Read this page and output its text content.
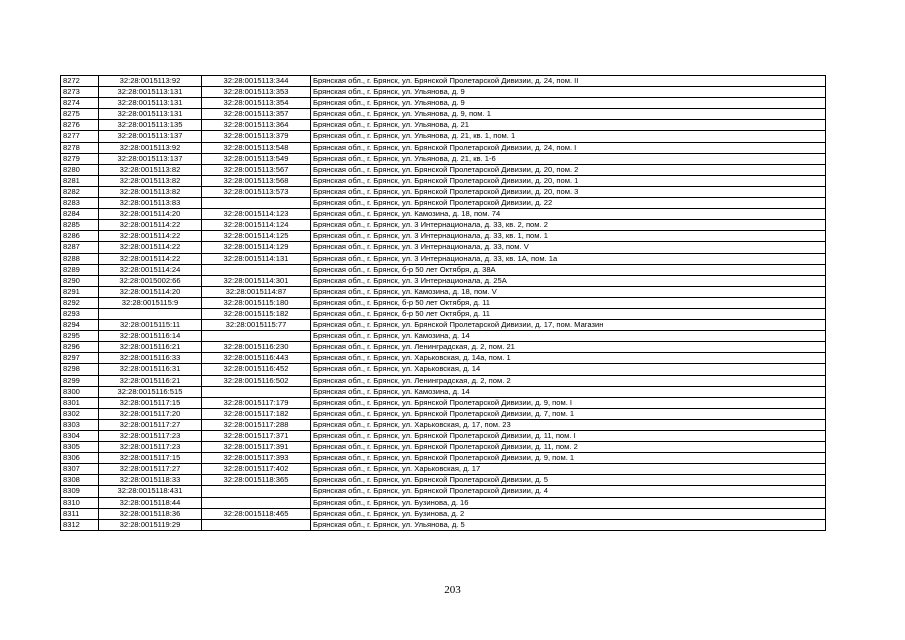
8272	32:28:0015113:92	32:28:0015113:344	Брянская обл., г. Брянск, ул. Брянской Пролетарской Дивизии, д. 24, пом. II
8273	32:28:0015113:131	32:28:0015113:353	Брянская обл., г. Брянск, ул. Ульянова, д. 9
8274	32:28:0015113:131	32:28:0015113:354	Брянская обл., г. Брянск, ул. Ульянова, д. 9
8275	32:28:0015113:131	32:28:0015113:357	Брянская обл., г. Брянск, ул. Ульянова, д. 9, пом. 1
8276	32:28:0015113:135	32:28:0015113:364	Брянская обл., г. Брянск, ул. Ульянова, д. 21
8277	32:28:0015113:137	32:28:0015113:379	Брянская обл., г. Брянск, ул. Ульянова, д. 21, кв. 1, пом. 1
8278	32:28:0015113:92	32:28:0015113:548	Брянская обл., г. Брянск, ул. Брянской Пролетарской Дивизии, д. 24, пом. I
8279	32:28:0015113:137	32:28:0015113:549	Брянская обл., г. Брянск, ул. Ульянова, д. 21, кв. 1-6
8280	32:28:0015113:82	32:28:0015113:567	Брянская обл., г. Брянск, ул. Брянской Пролетарской Дивизии, д. 20, пом. 2
8281	32:28:0015113:82	32:28:0015113:568	Брянская обл., г. Брянск, ул. Брянской Пролетарской Дивизии, д. 20, пом. 1
8282	32:28:0015113:82	32:28:0015113:573	Брянская обл., г. Брянск, ул. Брянской Пролетарской Дивизии, д. 20, пом. 3
8283	32:28:0015113:83		Брянская обл., г. Брянск, ул. Брянской Пролетарской Дивизии, д. 22
8284	32:28:0015114:20	32:28:0015114:123	Брянская обл., г. Брянск, ул. Камозина, д. 18, пом. 74
8285	32:28:0015114:22	32:28:0015114:124	Брянская обл., г. Брянск, ул. 3 Интернационала, д. 33, кв. 2, пом. 2
8286	32:28:0015114:22	32:28:0015114:125	Брянская обл., г. Брянск, ул. 3 Интернационала, д. 33, кв. 1, пом. 1
8287	32:28:0015114:22	32:28:0015114:129	Брянская обл., г. Брянск, ул. 3 Интернационала, д. 33, пом. V
8288	32:28:0015114:22	32:28:0015114:131	Брянская обл., г. Брянск, ул. 3 Интернационала, д. 33, кв. 1А, пом. 1а
8289	32:28:0015114:24		Брянская обл., г. Брянск, б-р 50 лет Октября, д. 38А
8290	32:28:0015002:66	32:28:0015114:301	Брянская обл., г. Брянск, ул. 3 Интернационала, д. 25А
8291	32:28:0015114:20	32:28:0015114:87	Брянская обл., г. Брянск, ул. Камозина, д. 18, пом. V
8292	32:28:0015115:9	32:28:0015115:180	Брянская обл., г. Брянск, б-р 50 лет Октября, д. 11
8293		32:28:0015115:182	Брянская обл., г. Брянск, б-р 50 лет Октября, д. 11
8294	32:28:0015115:11	32:28:0015115:77	Брянская обл., г. Брянск, ул. Брянской Пролетарской Дивизии, д. 17, пом. Магазин
8295	32:28:0015116:14		Брянская обл., г. Брянск, ул. Камозина, д. 14
8296	32:28:0015116:21	32:28:0015116:230	Брянская обл., г. Брянск, ул. Ленинградская, д. 2, пом. 21
8297	32:28:0015116:33	32:28:0015116:443	Брянская обл., г. Брянск, ул. Харьковская, д. 14а, пом. 1
8298	32:28:0015116:31	32:28:0015116:452	Брянская обл., г. Брянск, ул. Харьковская, д. 14
8299	32:28:0015116:21	32:28:0015116:502	Брянская обл., г. Брянск, ул. Ленинградская, д. 2, пом. 2
8300	32:28:0015116:515		Брянская обл., г. Брянск, ул. Камозина, д. 14
8301	32:28:0015117:15	32:28:0015117:179	Брянская обл., г. Брянск, ул. Брянской Пролетарской Дивизии, д. 9, пом. I
8302	32:28:0015117:20	32:28:0015117:182	Брянская обл., г. Брянск, ул. Брянской Пролетарской Дивизии, д. 7, пом. 1
8303	32:28:0015117:27	32:28:0015117:288	Брянская обл., г. Брянск, ул. Харьковская, д. 17, пом. 23
8304	32:28:0015117:23	32:28:0015117:371	Брянская обл., г. Брянск, ул. Брянской Пролетарской Дивизии, д. 11, пом. I
8305	32:28:0015117:23	32:28:0015117:391	Брянская обл., г. Брянск, ул. Брянской Пролетарской Дивизии, д. 11, пом. 2
8306	32:28:0015117:15	32:28:0015117:393	Брянская обл., г. Брянск, ул. Брянской Пролетарской Дивизии, д. 9, пом. 1
8307	32:28:0015117:27	32:28:0015117:402	Брянская обл., г. Брянск, ул. Харьковская, д. 17
8308	32:28:0015118:33	32:28:0015118:365	Брянская обл., г. Брянск, ул. Брянской Пролетарской Дивизии, д. 5
8309	32:28:0015118:431		Брянская обл., г. Брянск, ул. Брянской Пролетарской Дивизии, д. 4
8310	32:28:0015118:44		Брянская обл., г. Брянск, ул. Бузинова, д. 16
8311	32:28:0015118:36	32:28:0015118:465	Брянская обл., г. Брянск, ул. Бузинова, д. 2
8312	32:28:0015119:29		Брянская обл., г. Брянск, ул. Ульянова, д. 5
203
